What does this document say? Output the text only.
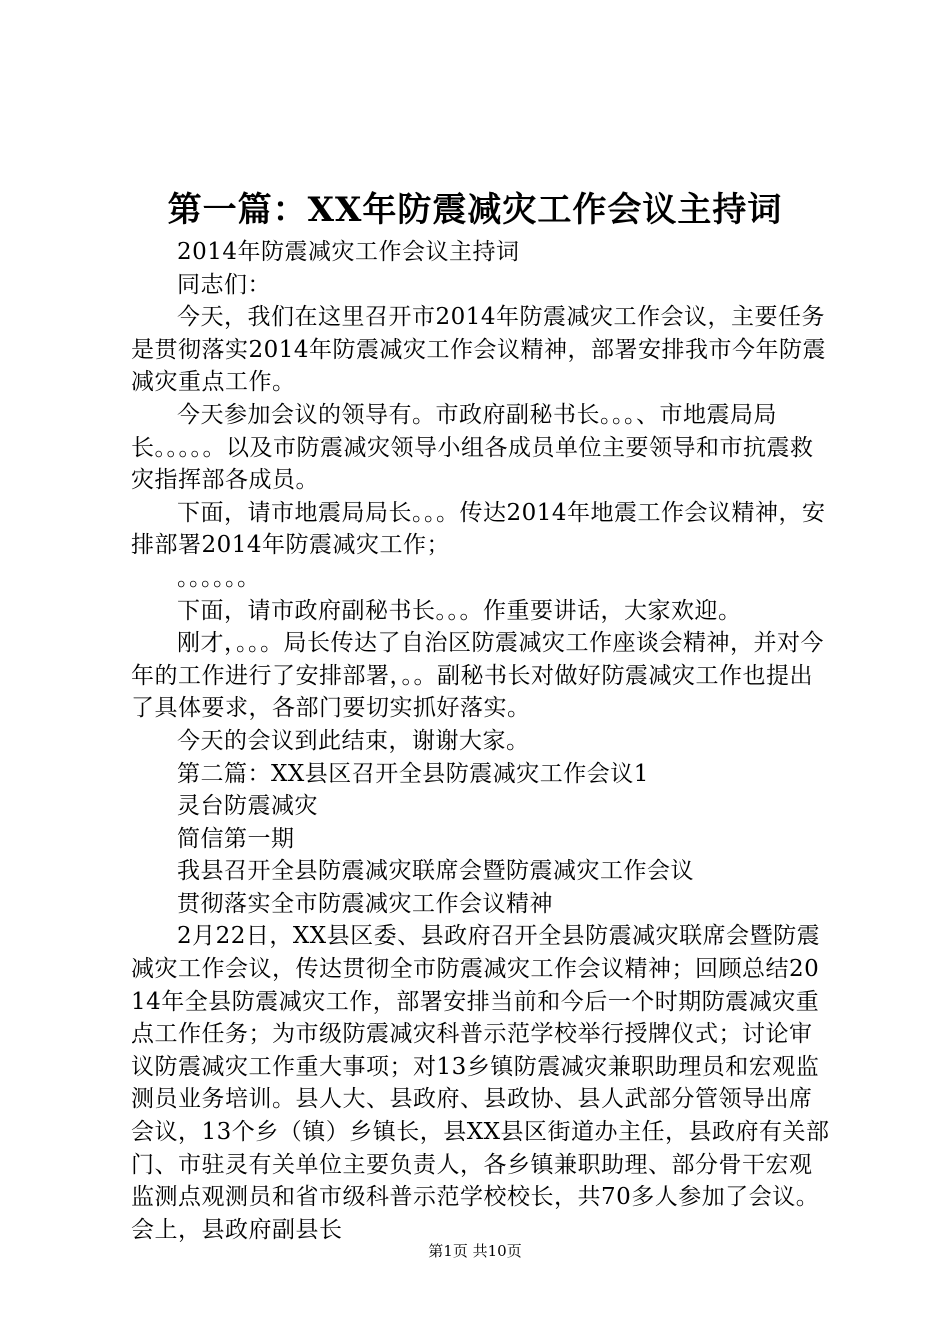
第一篇：XX年防震减灾工作会议主持词

2014年防震减灾工作会议主持词

同志们：

今天，我们在这里召开市2014年防震减灾工作会议，主要任务是贯彻落实2014年防震减灾工作会议精神，部署安排我市今年防震减灾重点工作。

今天参加会议的领导有。市政府副秘书长。。。、市地震局局长。。。。。以及市防震减灾领导小组各成员单位主要领导和市抗震救灾指挥部各成员。

下面，请市地震局局长。。。传达2014年地震工作会议精神，安排部署2014年防震减灾工作；

。。。。。。

下面，请市政府副秘书长。。。作重要讲话，大家欢迎。

刚才，。。。局长传达了自治区防震减灾工作座谈会精神，并对今年的工作进行了安排部署，。。副秘书长对做好防震减灾工作也提出了具体要求，各部门要切实抓好落实。

今天的会议到此结束，谢谢大家。

第二篇：XX县区召开全县防震减灾工作会议1

灵台防震减灾

简信第一期

我县召开全县防震减灾联席会暨防震减灾工作会议

贯彻落实全市防震减灾工作会议精神

2月22日，XX县区委、县政府召开全县防震减灾联席会暨防震减灾工作会议，传达贯彻全市防震减灾工作会议精神；回顾总结2014年全县防震减灾工作，部署安排当前和今后一个时期防震减灾重点工作任务；为市级防震减灾科普示范学校举行授牌仪式；讨论审议防震减灾工作重大事项；对13乡镇防震减灾兼职助理员和宏观监测员业务培训。县人大、县政府、县政协、县人武部分管领导出席会议，13个乡（镇）乡镇长，县XX县区街道办主任，县政府有关部门、市驻灵有关单位主要负责人，各乡镇兼职助理、部分骨干宏观监测点观测员和省市级科普示范学校校长，共70多人参加了会议。会上，县政府副县长

第1页 共10页
